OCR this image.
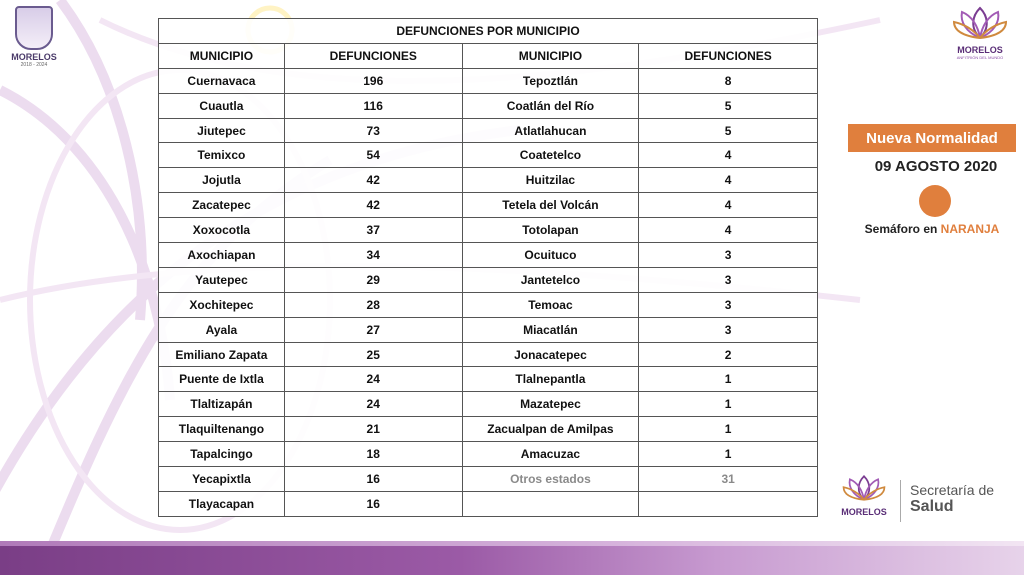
MORELOS
2018 - 2024
DEFUNCIONES POR MUNICIPIO			
MUNICIPIO	DEFUNCIONES	MUNICIPIO	DEFUNCIONES
Cuernavaca	196	Tepoztlán	8
Cuautla	116	Coatlán del Río	5
Jiutepec	73	Atlatlahucan	5
Temixco	54	Coatetelco	4
Jojutla	42	Huitzilac	4
Zacatepec	42	Tetela del Volcán	4
Xoxocotla	37	Totolapan	4
Axochiapan	34	Ocuituco	3
Yautepec	29	Jantetelco	3
Xochitepec	28	Temoac	3
Ayala	27	Miacatlán	3
Emiliano Zapata	25	Jonacatepec	2
Puente de Ixtla	24	Tlalnepantla	1
Tlaltizapán	24	Mazatepec	1
Tlaquiltenango	21	Zacualpan de Amilpas	1
Tapalcingo	18	Amacuzac	1
Yecapixtla	16	Otros estados	31
Tlayacapan	16		
MORELOS
ANFITRIÓN DEL MUNDO
Nueva Normalidad
09 AGOSTO 2020
Semáforo en NARANJA
MORELOS
Secretaría de
Salud
